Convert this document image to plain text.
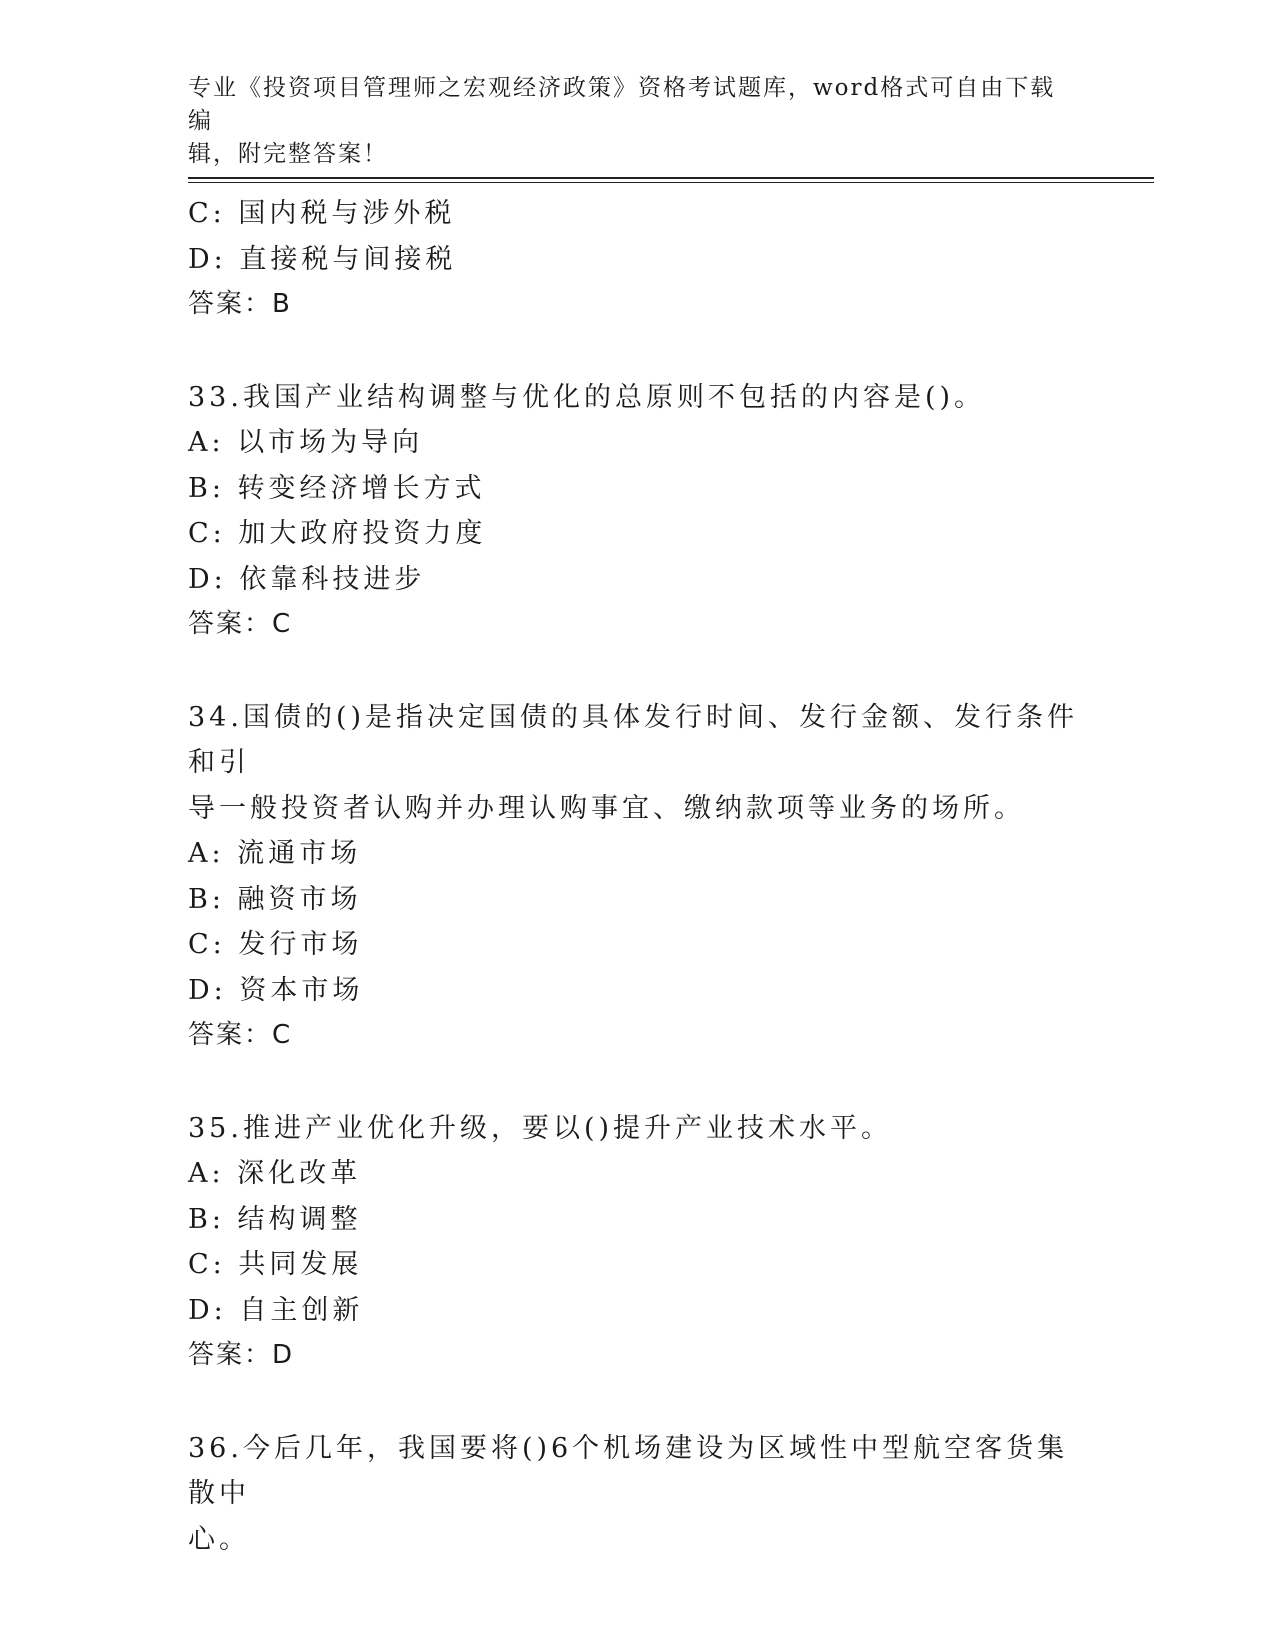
专业《投资项目管理师之宏观经济政策》资格考试题库，word格式可自由下载编
辑，附完整答案！
C: 国内税与涉外税
D: 直接税与间接税
答案：B
33.我国产业结构调整与优化的总原则不包括的内容是()。
A: 以市场为导向
B: 转变经济增长方式
C: 加大政府投资力度
D: 依靠科技进步
答案：C
34.国债的()是指决定国债的具体发行时间、发行金额、发行条件和引
导一般投资者认购并办理认购事宜、缴纳款项等业务的场所。
A: 流通市场
B: 融资市场
C: 发行市场
D: 资本市场
答案：C
35.推进产业优化升级，要以()提升产业技术水平。
A: 深化改革
B: 结构调整
C: 共同发展
D: 自主创新
答案：D
36.今后几年，我国要将()6个机场建设为区域性中型航空客货集散中
心。
